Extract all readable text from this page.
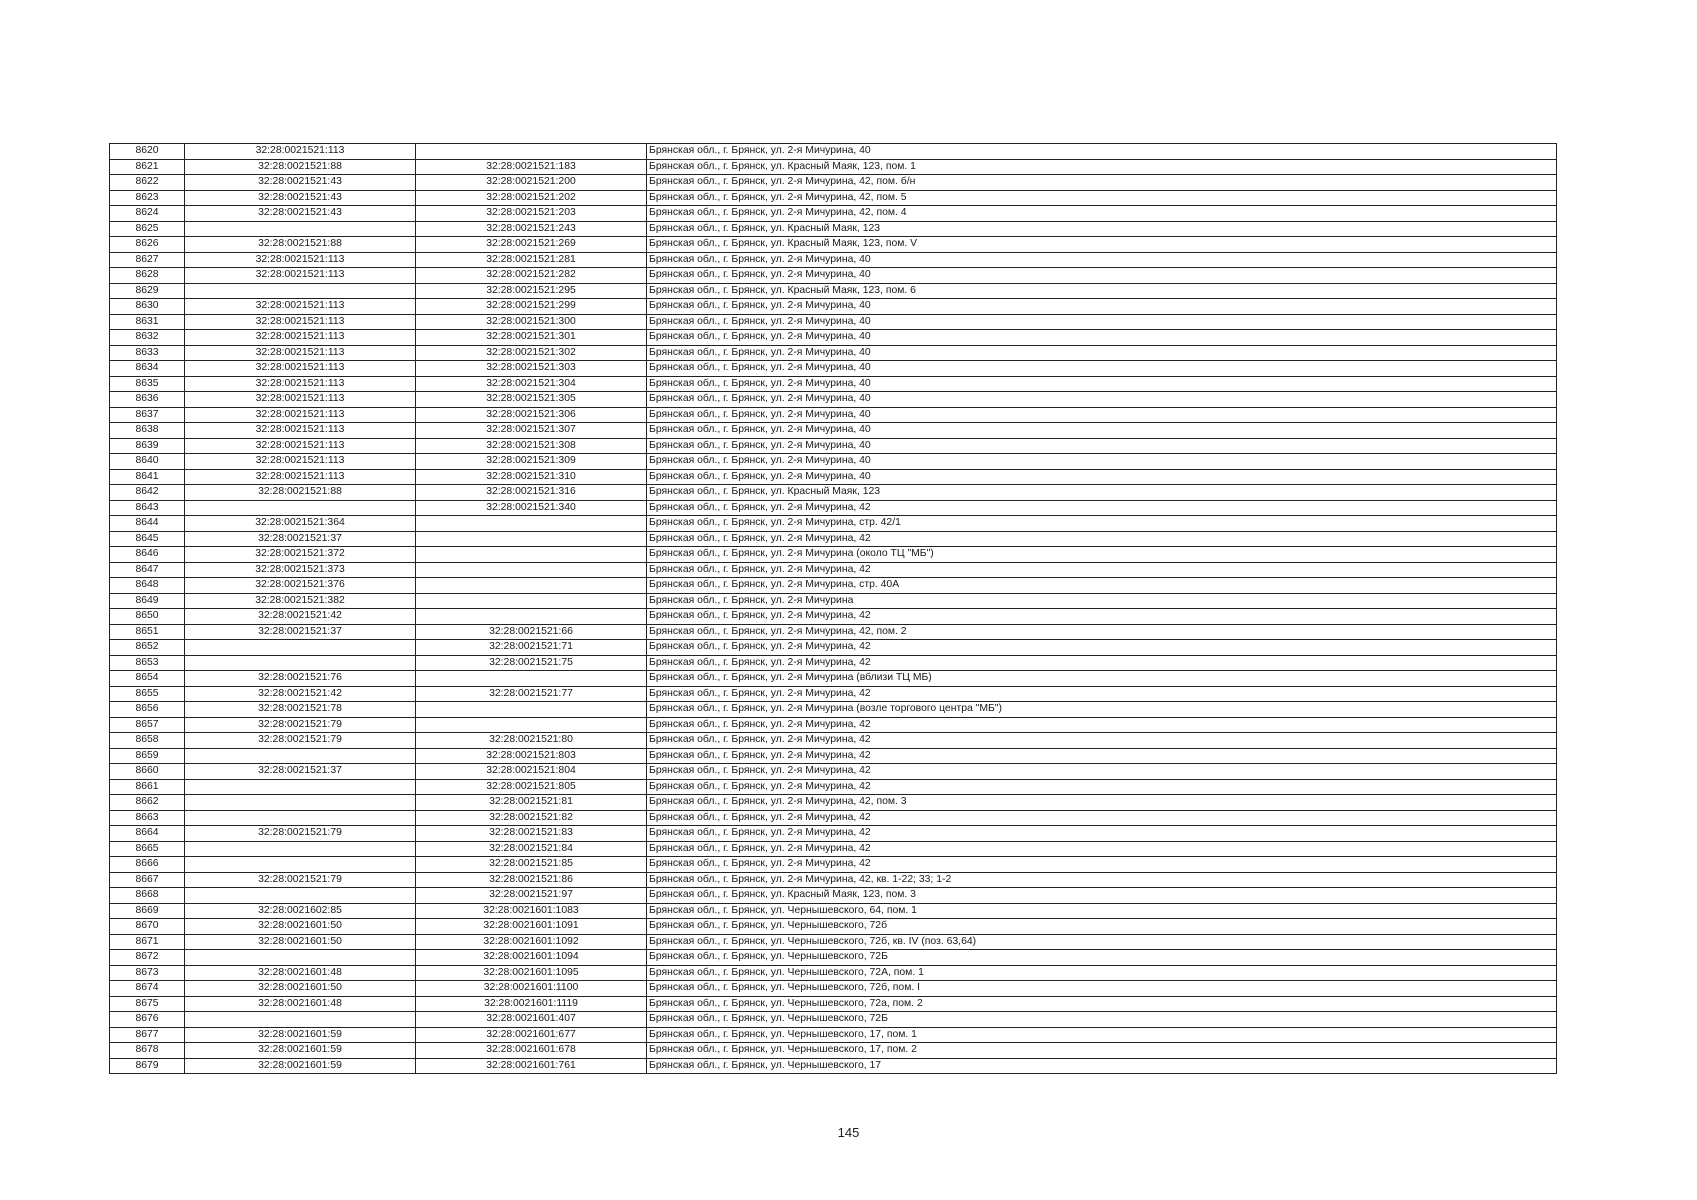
8620	32:28:0021521:113		Брянская обл., г. Брянск, ул. 2-я Мичурина, 40
8621	32:28:0021521:88	32:28:0021521:183	Брянская обл., г. Брянск, ул. Красный Маяк, 123, пом. 1
8622	32:28:0021521:43	32:28:0021521:200	Брянская обл., г. Брянск, ул. 2-я Мичурина, 42, пом. б/н
8623	32:28:0021521:43	32:28:0021521:202	Брянская обл., г. Брянск, ул. 2-я Мичурина, 42, пом. 5
8624	32:28:0021521:43	32:28:0021521:203	Брянская обл., г. Брянск, ул. 2-я Мичурина, 42, пом. 4
8625		32:28:0021521:243	Брянская обл., г. Брянск, ул. Красный Маяк, 123
8626	32:28:0021521:88	32:28:0021521:269	Брянская обл., г. Брянск, ул. Красный Маяк, 123, пом. V
8627	32:28:0021521:113	32:28:0021521:281	Брянская обл., г. Брянск, ул. 2-я Мичурина, 40
8628	32:28:0021521:113	32:28:0021521:282	Брянская обл., г. Брянск, ул. 2-я Мичурина, 40
8629		32:28:0021521:295	Брянская обл., г. Брянск, ул. Красный Маяк, 123, пом. 6
8630	32:28:0021521:113	32:28:0021521:299	Брянская обл., г. Брянск, ул. 2-я Мичурина, 40
8631	32:28:0021521:113	32:28:0021521:300	Брянская обл., г. Брянск, ул. 2-я Мичурина, 40
8632	32:28:0021521:113	32:28:0021521:301	Брянская обл., г. Брянск, ул. 2-я Мичурина, 40
8633	32:28:0021521:113	32:28:0021521:302	Брянская обл., г. Брянск, ул. 2-я Мичурина, 40
8634	32:28:0021521:113	32:28:0021521:303	Брянская обл., г. Брянск, ул. 2-я Мичурина, 40
8635	32:28:0021521:113	32:28:0021521:304	Брянская обл., г. Брянск, ул. 2-я Мичурина, 40
8636	32:28:0021521:113	32:28:0021521:305	Брянская обл., г. Брянск, ул. 2-я Мичурина, 40
8637	32:28:0021521:113	32:28:0021521:306	Брянская обл., г. Брянск, ул. 2-я Мичурина, 40
8638	32:28:0021521:113	32:28:0021521:307	Брянская обл., г. Брянск, ул. 2-я Мичурина, 40
8639	32:28:0021521:113	32:28:0021521:308	Брянская обл., г. Брянск, ул. 2-я Мичурина, 40
8640	32:28:0021521:113	32:28:0021521:309	Брянская обл., г. Брянск, ул. 2-я Мичурина, 40
8641	32:28:0021521:113	32:28:0021521:310	Брянская обл., г. Брянск, ул. 2-я Мичурина, 40
8642	32:28:0021521:88	32:28:0021521:316	Брянская обл., г. Брянск, ул. Красный Маяк, 123
8643		32:28:0021521:340	Брянская обл., г. Брянск, ул. 2-я Мичурина, 42
8644	32:28:0021521:364		Брянская обл., г. Брянск, ул. 2-я Мичурина, стр. 42/1
8645	32:28:0021521:37		Брянская обл., г. Брянск, ул. 2-я Мичурина, 42
8646	32:28:0021521:372		Брянская обл., г. Брянск, ул. 2-я Мичурина (около ТЦ "МБ")
8647	32:28:0021521:373		Брянская обл., г. Брянск, ул. 2-я Мичурина, 42
8648	32:28:0021521:376		Брянская обл., г. Брянск, ул. 2-я Мичурина, стр. 40А
8649	32:28:0021521:382		Брянская обл., г. Брянск, ул. 2-я Мичурина
8650	32:28:0021521:42		Брянская обл., г. Брянск, ул. 2-я Мичурина, 42
8651	32:28:0021521:37	32:28:0021521:66	Брянская обл., г. Брянск, ул. 2-я Мичурина, 42, пом. 2
8652		32:28:0021521:71	Брянская обл., г. Брянск, ул. 2-я Мичурина, 42
8653		32:28:0021521:75	Брянская обл., г. Брянск, ул. 2-я Мичурина, 42
8654	32:28:0021521:76		Брянская обл., г. Брянск, ул. 2-я Мичурина (вблизи ТЦ МБ)
8655	32:28:0021521:42	32:28:0021521:77	Брянская обл., г. Брянск, ул. 2-я Мичурина, 42
8656	32:28:0021521:78		Брянская обл., г. Брянск, ул. 2-я Мичурина (возле торгового центра "МБ")
8657	32:28:0021521:79		Брянская обл., г. Брянск, ул. 2-я Мичурина, 42
8658	32:28:0021521:79	32:28:0021521:80	Брянская обл., г. Брянск, ул. 2-я Мичурина, 42
8659		32:28:0021521:803	Брянская обл., г. Брянск, ул. 2-я Мичурина, 42
8660	32:28:0021521:37	32:28:0021521:804	Брянская обл., г. Брянск, ул. 2-я Мичурина, 42
8661		32:28:0021521:805	Брянская обл., г. Брянск, ул. 2-я Мичурина, 42
8662		32:28:0021521:81	Брянская обл., г. Брянск, ул. 2-я Мичурина, 42, пом. 3
8663		32:28:0021521:82	Брянская обл., г. Брянск, ул. 2-я Мичурина, 42
8664	32:28:0021521:79	32:28:0021521:83	Брянская обл., г. Брянск, ул. 2-я Мичурина, 42
8665		32:28:0021521:84	Брянская обл., г. Брянск, ул. 2-я Мичурина, 42
8666		32:28:0021521:85	Брянская обл., г. Брянск, ул. 2-я Мичурина, 42
8667	32:28:0021521:79	32:28:0021521:86	Брянская обл., г. Брянск, ул. 2-я Мичурина, 42, кв. 1-22; 33; 1-2
8668		32:28:0021521:97	Брянская обл., г. Брянск, ул. Красный Маяк, 123, пом. 3
8669	32:28:0021602:85	32:28:0021601:1083	Брянская обл., г. Брянск, ул. Чернышевского, 64, пом. 1
8670	32:28:0021601:50	32:28:0021601:1091	Брянская обл., г. Брянск, ул. Чернышевского, 72б
8671	32:28:0021601:50	32:28:0021601:1092	Брянская обл., г. Брянск, ул. Чернышевского, 72б, кв. IV (поз. 63,64)
8672		32:28:0021601:1094	Брянская обл., г. Брянск, ул. Чернышевского, 72Б
8673	32:28:0021601:48	32:28:0021601:1095	Брянская обл., г. Брянск, ул. Чернышевского, 72А, пом. 1
8674	32:28:0021601:50	32:28:0021601:1100	Брянская обл., г. Брянск, ул. Чернышевского, 72б, пом. I
8675	32:28:0021601:48	32:28:0021601:1119	Брянская обл., г. Брянск, ул. Чернышевского, 72а, пом. 2
8676		32:28:0021601:407	Брянская обл., г. Брянск, ул. Чернышевского, 72Б
8677	32:28:0021601:59	32:28:0021601:677	Брянская обл., г. Брянск, ул. Чернышевского, 17, пом. 1
8678	32:28:0021601:59	32:28:0021601:678	Брянская обл., г. Брянск, ул. Чернышевского, 17, пом. 2
8679	32:28:0021601:59	32:28:0021601:761	Брянская обл., г. Брянск, ул. Чернышевского, 17
145
